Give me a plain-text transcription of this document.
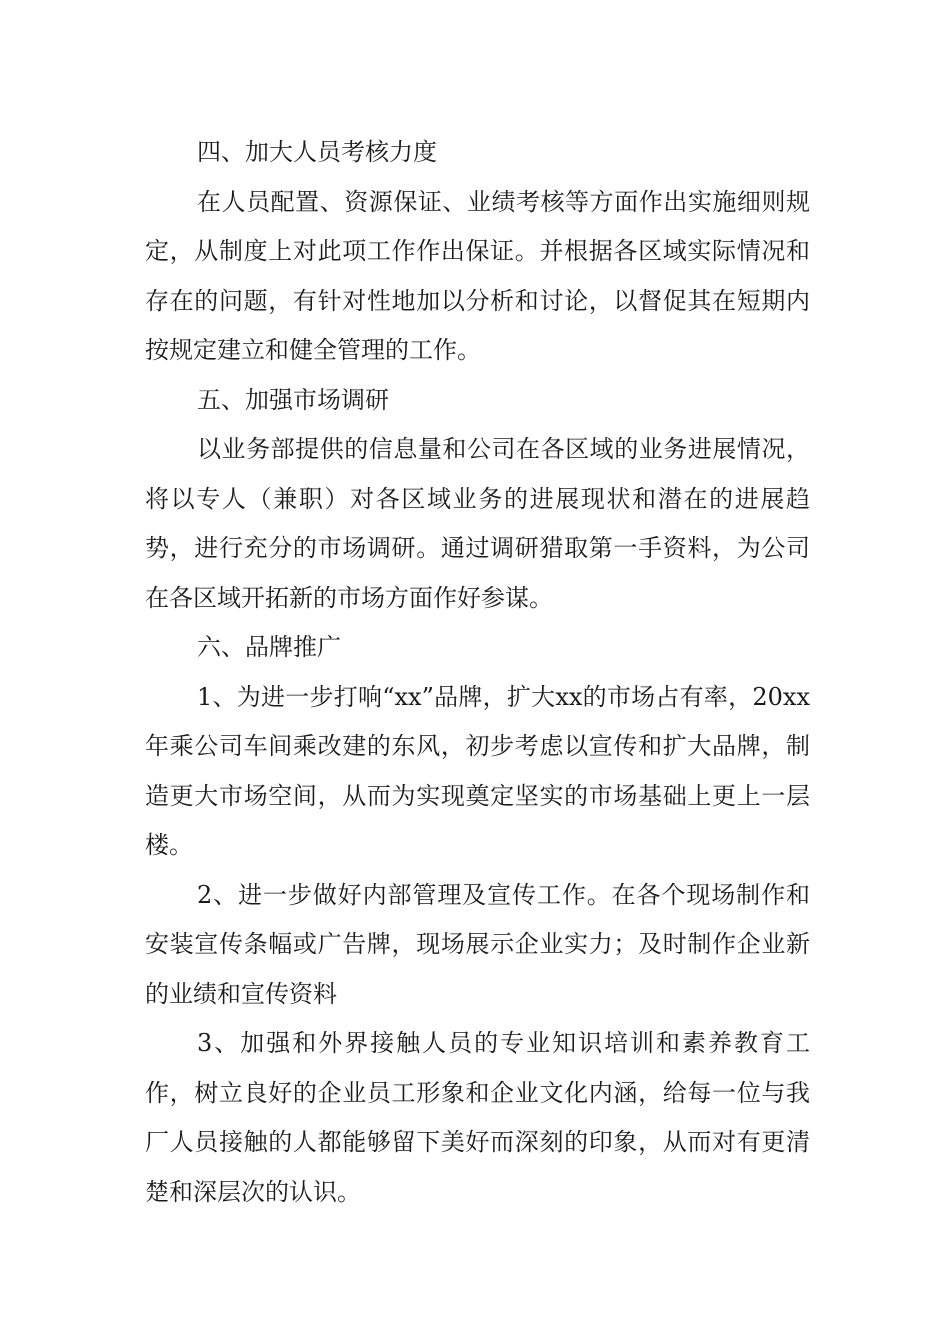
四、加大人员考核力度

在人员配置、资源保证、业绩考核等方面作出实施细则规定，从制度上对此项工作作出保证。并根据各区域实际情况和存在的问题，有针对性地加以分析和讨论，以督促其在短期内按规定建立和健全管理的工作。

五、加强市场调研

以业务部提供的信息量和公司在各区域的业务进展情况，将以专人（兼职）对各区域业务的进展现状和潜在的进展趋势，进行充分的市场调研。通过调研猎取第一手资料，为公司在各区域开拓新的市场方面作好参谋。

六、品牌推广

1、为进一步打响“xx”品牌，扩大xx的市场占有率，20xx年乘公司车间乘改建的东风，初步考虑以宣传和扩大品牌，制造更大市场空间，从而为实现奠定坚实的市场基础上更上一层楼。

2、进一步做好内部管理及宣传工作。在各个现场制作和安装宣传条幅或广告牌，现场展示企业实力；及时制作企业新的业绩和宣传资料

3、加强和外界接触人员的专业知识培训和素养教育工作，树立良好的企业员工形象和企业文化内涵，给每一位与我厂人员接触的人都能够留下美好而深刻的印象，从而对有更清楚和深层次的认识。
